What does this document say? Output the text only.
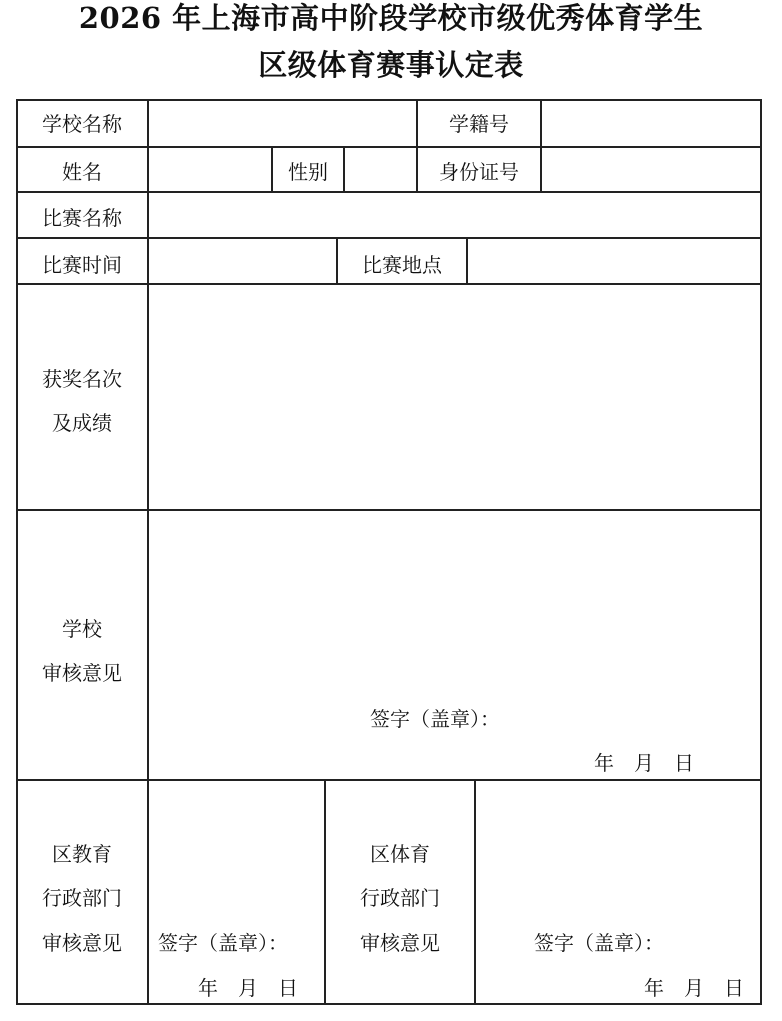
2026 年上海市高中阶段学校市级优秀体育学生
区级体育赛事认定表
学校名称	学籍号
姓名	性别	身份证号
比赛名称
比赛时间	比赛地点
获奖名次
及成绩
学校
审核意见
签字（盖章）：
年　月　日
区教育
行政部门
审核意见	签字（盖章）：
年　月　日
区体育
行政部门
审核意见	签字（盖章）：
年　月　日
